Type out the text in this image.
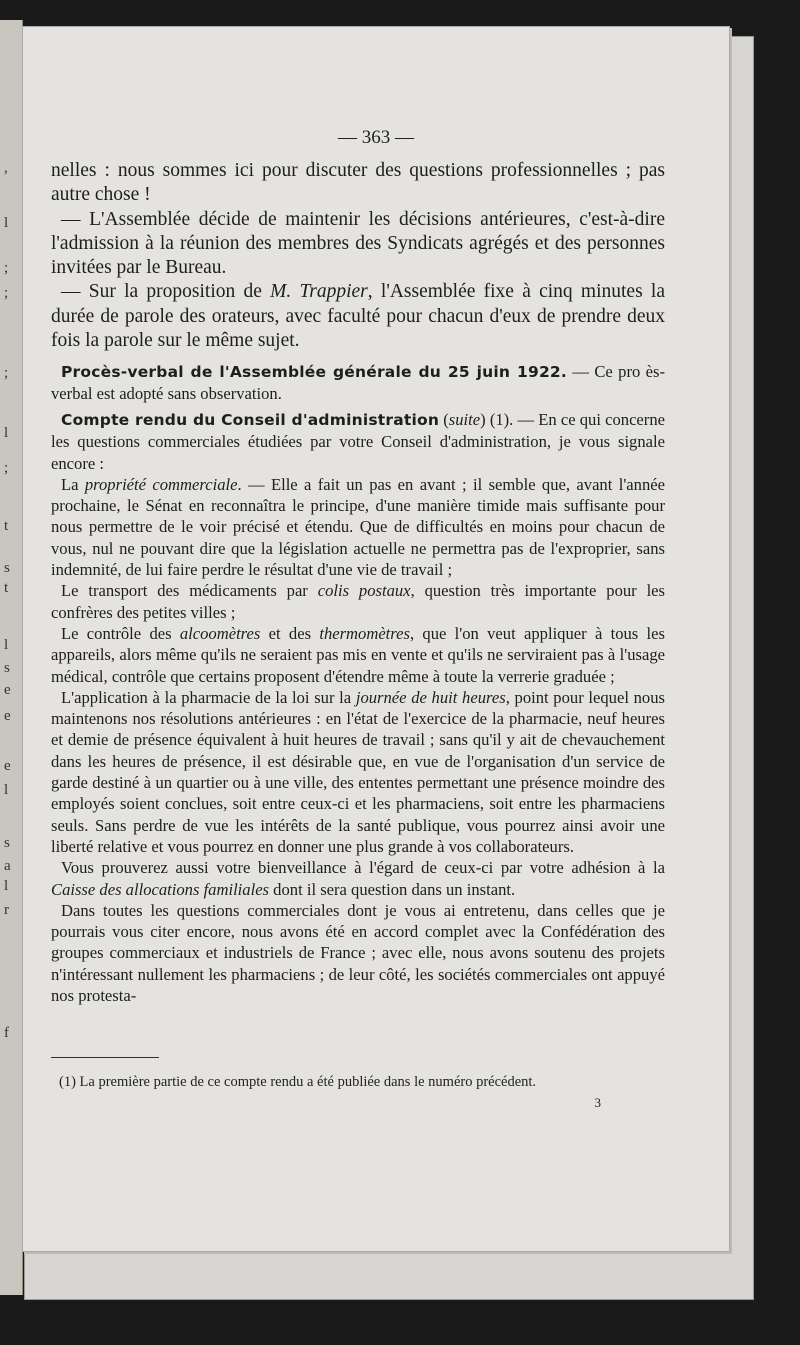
,
l
;
;
;
l
;
t
s
t
l
s
e
e
e
l
s
a
l
r
f
— 363 —

nelles : nous sommes ici pour discuter des questions professionnelles ; pas autre chose !

— L'Assemblée décide de maintenir les décisions antérieures, c'est-à-dire l'admission à la réunion des membres des Syndicats agrégés et des personnes invitées par le Bureau.

— Sur la proposition de M. Trappier, l'Assemblée fixe à cinq minutes la durée de parole des orateurs, avec faculté pour chacun d'eux de prendre deux fois la parole sur le même sujet.

Procès-verbal de l'Assemblée générale du 25 juin 1922. — Ce pro ès-verbal est adopté sans observation.

Compte rendu du Conseil d'administration (suite) (1). — En ce qui concerne les questions commerciales étudiées par votre Conseil d'administration, je vous signale encore :

La propriété commerciale. — Elle a fait un pas en avant ; il semble que, avant l'année prochaine, le Sénat en reconnaîtra le principe, d'une manière timide mais suffisante pour nous permettre de le voir précisé et étendu. Que de difficultés en moins pour chacun de vous, nul ne pouvant dire que la législation actuelle ne permettra pas de l'exproprier, sans indemnité, de lui faire perdre le résultat d'une vie de travail ;

Le transport des médicaments par colis postaux, question très importante pour les confrères des petites villes ;

Le contrôle des alcoomètres et des thermomètres, que l'on veut appliquer à tous les appareils, alors même qu'ils ne seraient pas mis en vente et qu'ils ne serviraient pas à l'usage médical, contrôle que certains proposent d'étendre même à toute la verrerie graduée ;

L'application à la pharmacie de la loi sur la journée de huit heures, point pour lequel nous maintenons nos résolutions antérieures : en l'état de l'exercice de la pharmacie, neuf heures et demie de présence équivalent à huit heures de travail ; sans qu'il y ait de chevauchement dans les heures de présence, il est désirable que, en vue de l'organisation d'un service de garde destiné à un quartier ou à une ville, des ententes permettant une présence moindre des employés soient conclues, soit entre ceux-ci et les pharmaciens, soit entre les pharmaciens seuls. Sans perdre de vue les intérêts de la santé publique, vous pourrez ainsi avoir une liberté relative et vous pourrez en donner une plus grande à vos collaborateurs.

Vous prouverez aussi votre bienveillance à l'égard de ceux-ci par votre adhésion à la Caisse des allocations familiales dont il sera question dans un instant.

Dans toutes les questions commerciales dont je vous ai entretenu, dans celles que je pourrais vous citer encore, nous avons été en accord complet avec la Confédération des groupes commerciaux et industriels de France ; avec elle, nous avons soutenu des projets n'intéressant nullement les pharmaciens ; de leur côté, les sociétés commerciales ont appuyé nos protesta-

(1) La première partie de ce compte rendu a été publiée dans le numéro précédent.

3
